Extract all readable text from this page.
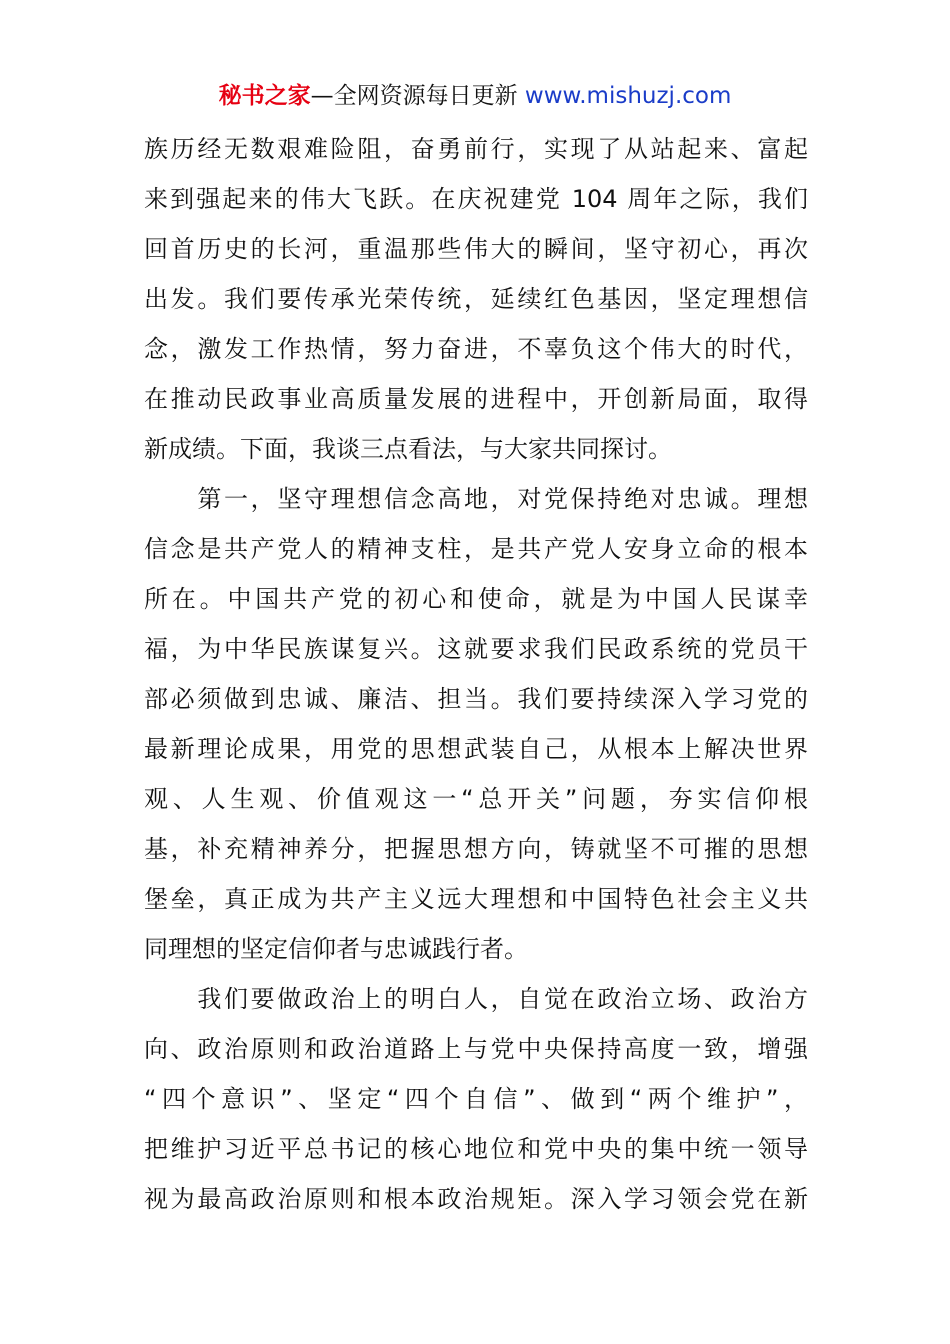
秘书之家—全网资源每日更新 www.mishuzj.com
族历经无数艰难险阻，奋勇前行，实现了从站起来、富起
来到强起来的伟大飞跃。在庆祝建党 104 周年之际，我们
回首历史的长河，重温那些伟大的瞬间，坚守初心，再次
出发。我们要传承光荣传统，延续红色基因，坚定理想信
念，激发工作热情，努力奋进，不辜负这个伟大的时代，
在推动民政事业高质量发展的进程中，开创新局面，取得
新成绩。下面，我谈三点看法，与大家共同探讨。
　　第一，坚守理想信念高地，对党保持绝对忠诚。理想
信念是共产党人的精神支柱，是共产党人安身立命的根本
所在。中国共产党的初心和使命，就是为中国人民谋幸
福，为中华民族谋复兴。这就要求我们民政系统的党员干
部必须做到忠诚、廉洁、担当。我们要持续深入学习党的
最新理论成果，用党的思想武装自己，从根本上解决世界
观、人生观、价值观这一“总开关”问题，夯实信仰根
基，补充精神养分，把握思想方向，铸就坚不可摧的思想
堡垒，真正成为共产主义远大理想和中国特色社会主义共
同理想的坚定信仰者与忠诚践行者。
　　我们要做政治上的明白人，自觉在政治立场、政治方
向、政治原则和政治道路上与党中央保持高度一致，增强
“四个意识”、坚定“四个自信”、做到“两个维护”，
把维护习近平总书记的核心地位和党中央的集中统一领导
视为最高政治原则和根本政治规矩。深入学习领会党在新
